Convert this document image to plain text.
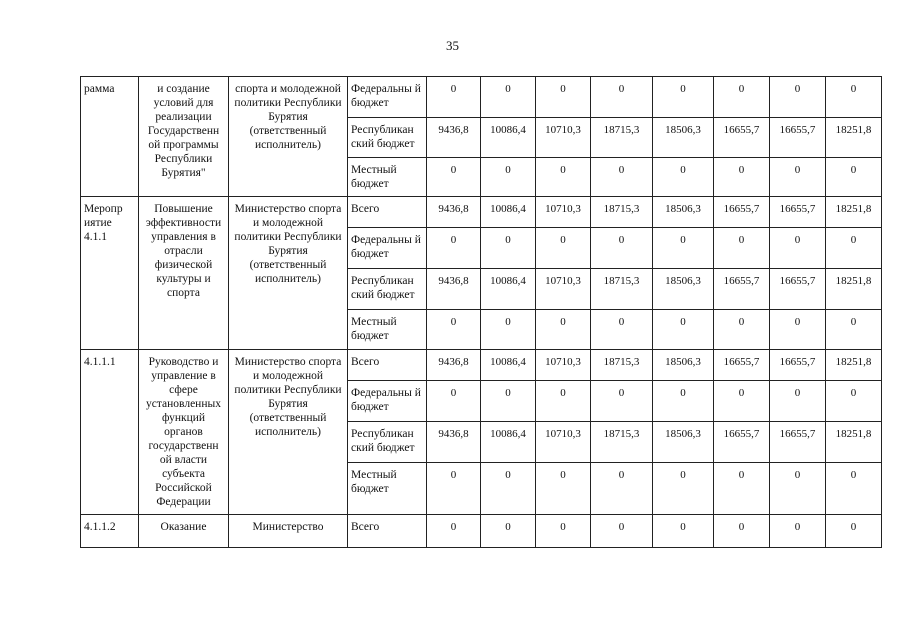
35
рамма	и создание условий для реализации Государственн ой программы Республики Бурятия"	спорта и молодежной политики Республики Бурятия (ответственный исполнитель)	Федеральны й бюджет	0	0	0	0	0	0	0	0
			Республикан ский бюджет	9436,8	10086,4	10710,3	18715,3	18506,3	16655,7	16655,7	18251,8
			Местный бюджет	0	0	0	0	0	0	0	0
Меропр иятие 4.1.1	Повышение эффективности управления в отрасли физической культуры и спорта	Министерство спорта и молодежной политики Республики Бурятия (ответственный исполнитель)	Всего	9436,8	10086,4	10710,3	18715,3	18506,3	16655,7	16655,7	18251,8
			Федеральны й бюджет	0	0	0	0	0	0	0	0
			Республикан ский бюджет	9436,8	10086,4	10710,3	18715,3	18506,3	16655,7	16655,7	18251,8
			Местный бюджет	0	0	0	0	0	0	0	0
4.1.1.1	Руководство и управление в сфере установленных функций органов государственн ой власти субъекта Российской Федерации	Министерство спорта и молодежной политики Республики Бурятия (ответственный исполнитель)	Всего	9436,8	10086,4	10710,3	18715,3	18506,3	16655,7	16655,7	18251,8
			Федеральны й бюджет	0	0	0	0	0	0	0	0
			Республикан ский бюджет	9436,8	10086,4	10710,3	18715,3	18506,3	16655,7	16655,7	18251,8
			Местный бюджет	0	0	0	0	0	0	0	0
4.1.1.2	Оказание	Министерство	Всего	0	0	0	0	0	0	0	0
